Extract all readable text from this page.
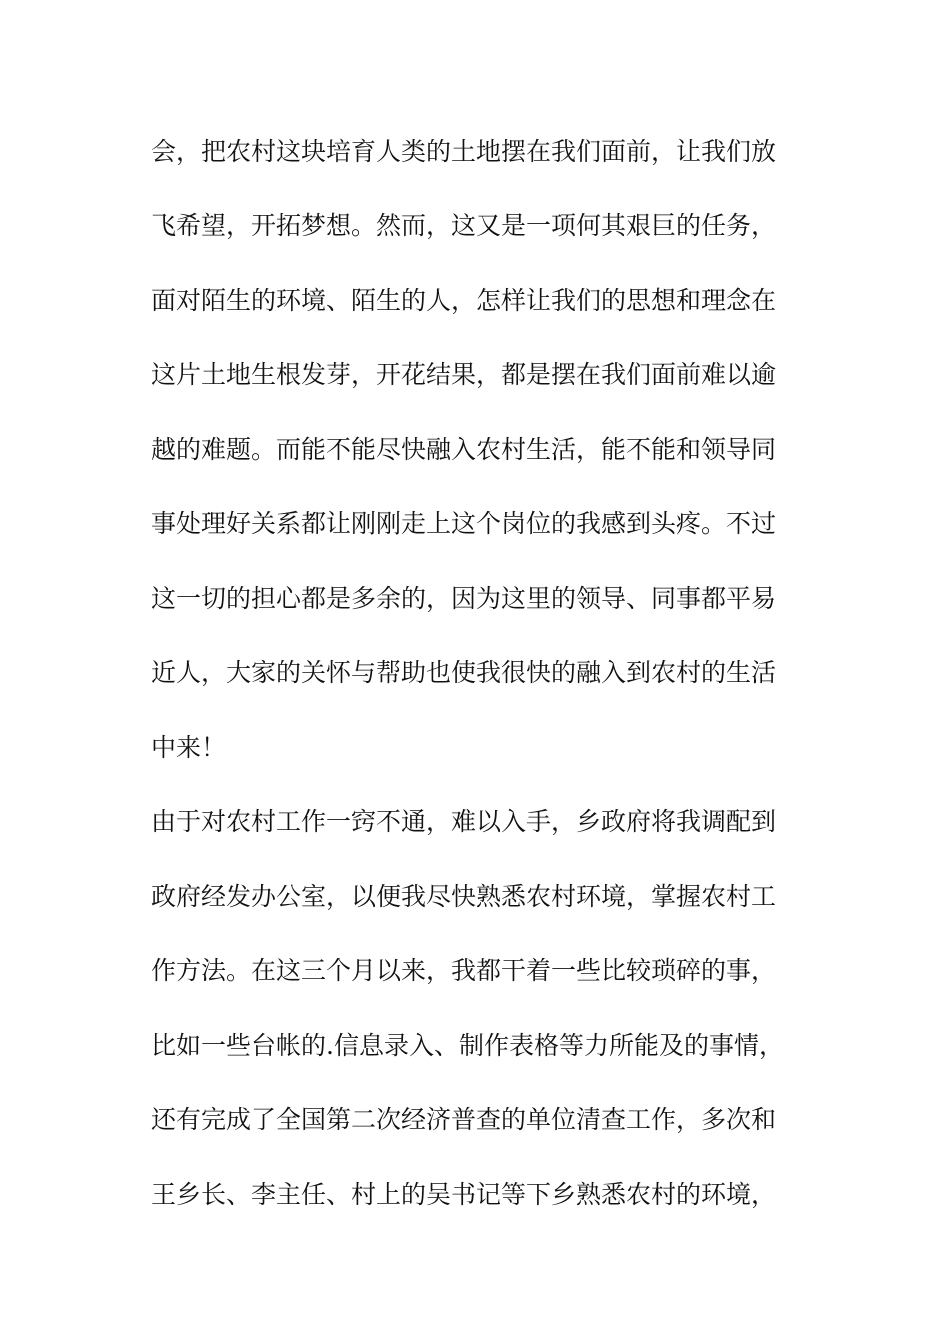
会，把农村这块培育人类的土地摆在我们面前，让我们放
飞希望，开拓梦想。然而，这又是一项何其艰巨的任务，
面对陌生的环境、陌生的人，怎样让我们的思想和理念在
这片土地生根发芽，开花结果，都是摆在我们面前难以逾
越的难题。而能不能尽快融入农村生活，能不能和领导同
事处理好关系都让刚刚走上这个岗位的我感到头疼。不过
这一切的担心都是多余的，因为这里的领导、同事都平易
近人，大家的关怀与帮助也使我很快的融入到农村的生活
中来！
由于对农村工作一窍不通，难以入手，乡政府将我调配到
政府经发办公室，以便我尽快熟悉农村环境，掌握农村工
作方法。在这三个月以来，我都干着一些比较琐碎的事，
比如一些台帐的.信息录入、制作表格等力所能及的事情，
还有完成了全国第二次经济普查的单位清查工作，多次和
王乡长、李主任、村上的吴书记等下乡熟悉农村的环境，
